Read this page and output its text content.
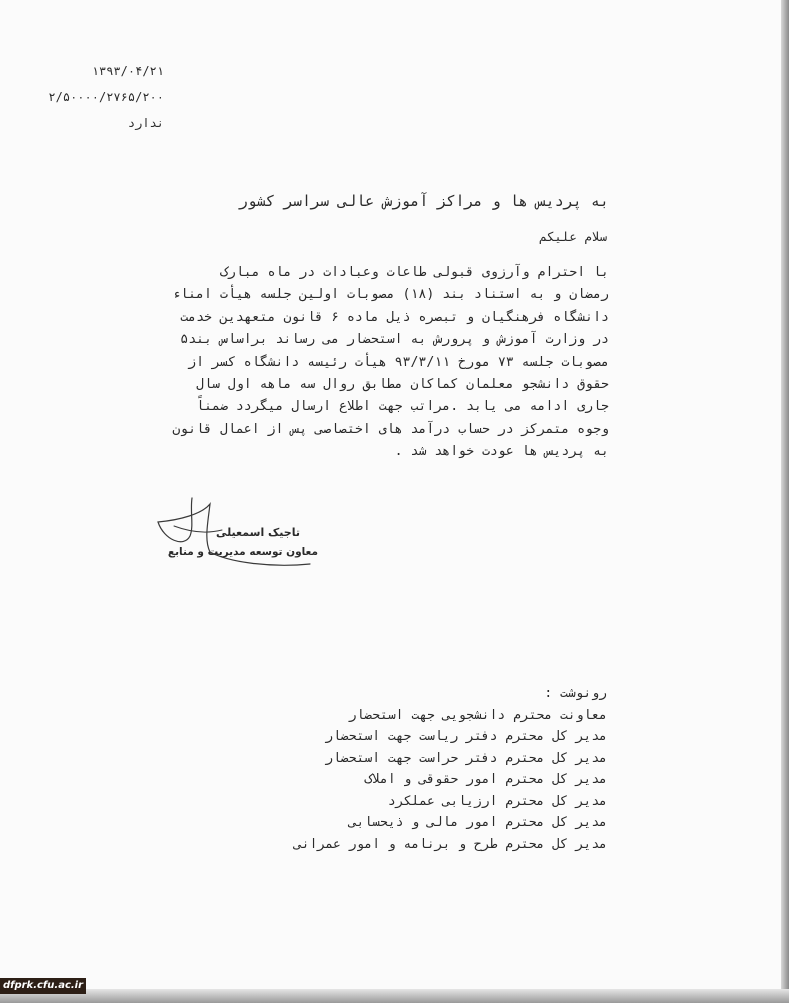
۱۳۹۳/۰۴/۲۱
۲/۵۰۰۰۰/۲۷۶۵/۲۰۰
ندارد
به پردیس ها و مراکز آموزش عالی سراسر کشور
سلام علیکم

با احترام وآرزوی قبولی طاعات وعبادات در ماه مبارک

رمضان و به استناد بند (۱۸) مصوبات اولین جلسه هیأت امناء

دانشگاه فرهنگیان و تبصره ذیل ماده ۶ قانون متعهدین خدمت

در وزارت آموزش و پرورش به استحضار می رساند براساس بند۵

مصوبات جلسه ۷۳ مورخ ۹۳/۳/۱۱ هیأت رئیسه دانشگاه کسر از

حقوق دانشجو معلمان کماکان مطابق روال سه ماهه اول سال

جاری ادامه می یابد .مراتب جهت اطلاع ارسال میگردد ضمناً

وجوه متمرکز در حساب درآمد های اختصاصی پس از اعمال قانون

به پردیس ها عودت خواهد شد .

تاجیک اسمعیلی
معاون توسعه مدیریت و منابع
رونوشت :
معاونت محترم دانشجویی جهت استحضار
مدیر کل محترم دفتر ریاست جهت استحضار
مدیر کل محترم دفتر حراست جهت استحضار
مدیر کل محترم امور حقوقی و املاک
مدیر کل محترم ارزیابی عملکرد
مدیر کل محترم امور مالی و ذیحسابی
مدیر کل محترم طرح و برنامه و امور عمرانی
dfprk.cfu.ac.ir
